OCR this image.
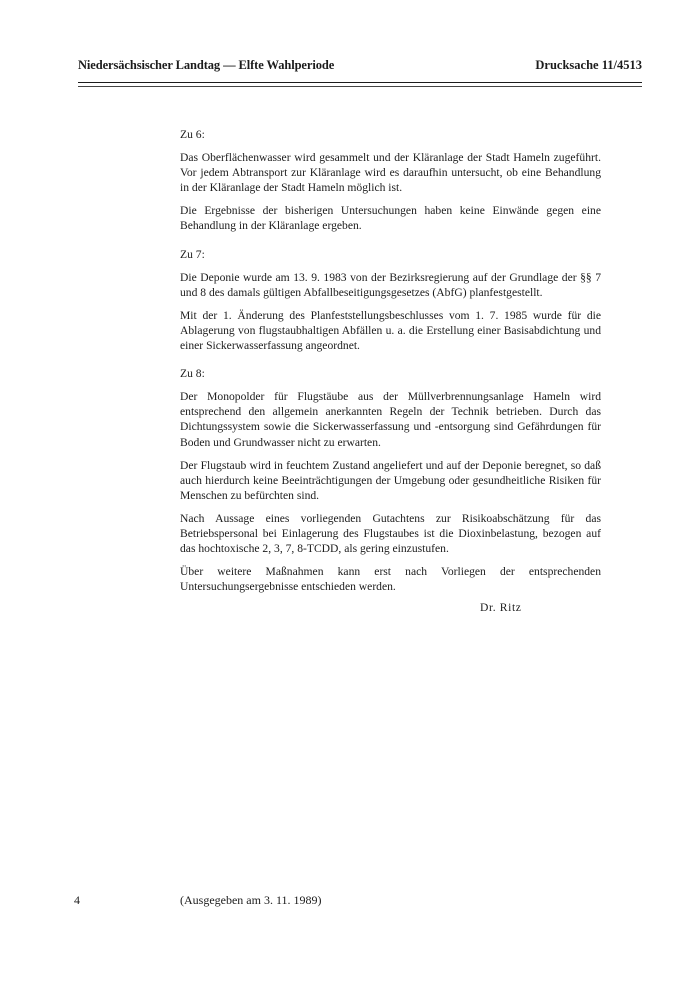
Niedersächsischer Landtag — Elfte Wahlperiode	Drucksache 11/4513

Zu 6:

Das Oberflächenwasser wird gesammelt und der Kläranlage der Stadt Hameln zugeführt. Vor jedem Abtransport zur Kläranlage wird es daraufhin untersucht, ob eine Behandlung in der Kläranlage der Stadt Hameln möglich ist.

Die Ergebnisse der bisherigen Untersuchungen haben keine Einwände gegen eine Behandlung in der Kläranlage ergeben.

Zu 7:

Die Deponie wurde am 13. 9. 1983 von der Bezirksregierung auf der Grundlage der §§ 7 und 8 des damals gültigen Abfallbeseitigungsgesetzes (AbfG) planfestgestellt.

Mit der 1. Änderung des Planfeststellungsbeschlusses vom 1. 7. 1985 wurde für die Ablagerung von flugstaubhaltigen Abfällen u. a. die Erstellung einer Basisabdichtung und einer Sickerwasserfassung angeordnet.

Zu 8:

Der Monopolder für Flugstäube aus der Müllverbrennungsanlage Hameln wird entsprechend den allgemein anerkannten Regeln der Technik betrieben. Durch das Dichtungssystem sowie die Sickerwasserfassung und -entsorgung sind Gefährdungen für Boden und Grundwasser nicht zu erwarten.

Der Flugstaub wird in feuchtem Zustand angeliefert und auf der Deponie beregnet, so daß auch hierdurch keine Beeinträchtigungen der Umgebung oder gesundheitliche Risiken für Menschen zu befürchten sind.

Nach Aussage eines vorliegenden Gutachtens zur Risikoabschätzung für das Betriebspersonal bei Einlagerung des Flugstaubes ist die Dioxinbelastung, bezogen auf das hochtoxische 2, 3, 7, 8-TCDD, als gering einzustufen.

Über weitere Maßnahmen kann erst nach Vorliegen der entsprechenden Untersuchungsergebnisse entschieden werden.

Dr. Ritz
4	(Ausgegeben am 3. 11. 1989)
